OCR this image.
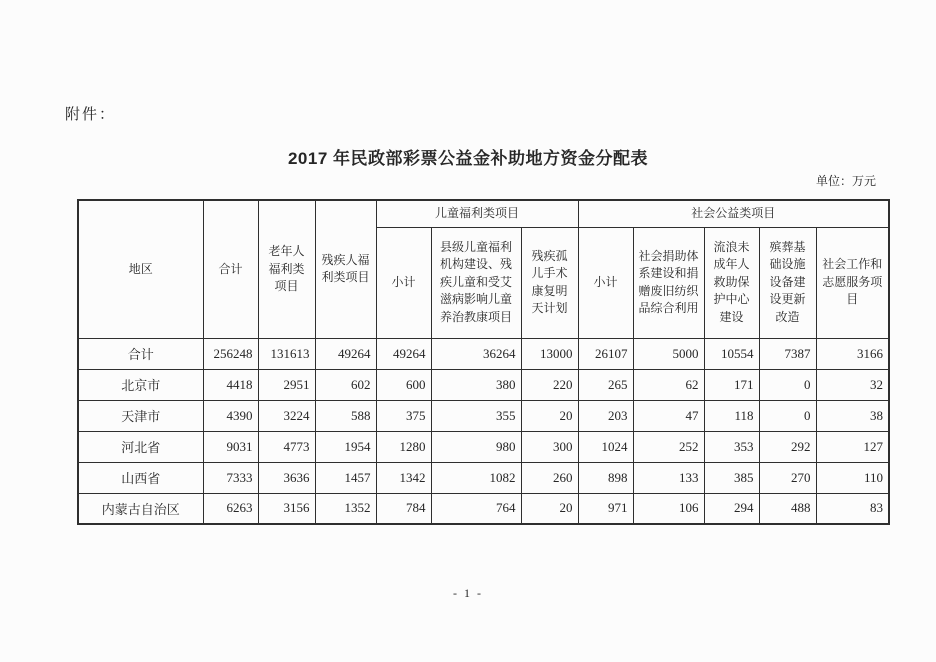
附件：
2017 年民政部彩票公益金补助地方资金分配表
单位：万元
地区	合计	老年人福利类项目	残疾人福利类项目	儿童福利类项目			社会公益类项目				
				小计	县级儿童福利机构建设、残疾儿童和受艾滋病影响儿童养治教康项目	残疾孤儿手术康复明天计划	小计	社会捐助体系建设和捐赠废旧纺织品综合利用	流浪未成年人救助保护中心建设	殡葬基础设施设备建设更新改造	社会工作和志愿服务项目
合计	256248	131613	49264	49264	36264	13000	26107	5000	10554	7387	3166
北京市	4418	2951	602	600	380	220	265	62	171	0	32
天津市	4390	3224	588	375	355	20	203	47	118	0	38
河北省	9031	4773	1954	1280	980	300	1024	252	353	292	127
山西省	7333	3636	1457	1342	1082	260	898	133	385	270	110
内蒙古自治区	6263	3156	1352	784	764	20	971	106	294	488	83
- 1 -
